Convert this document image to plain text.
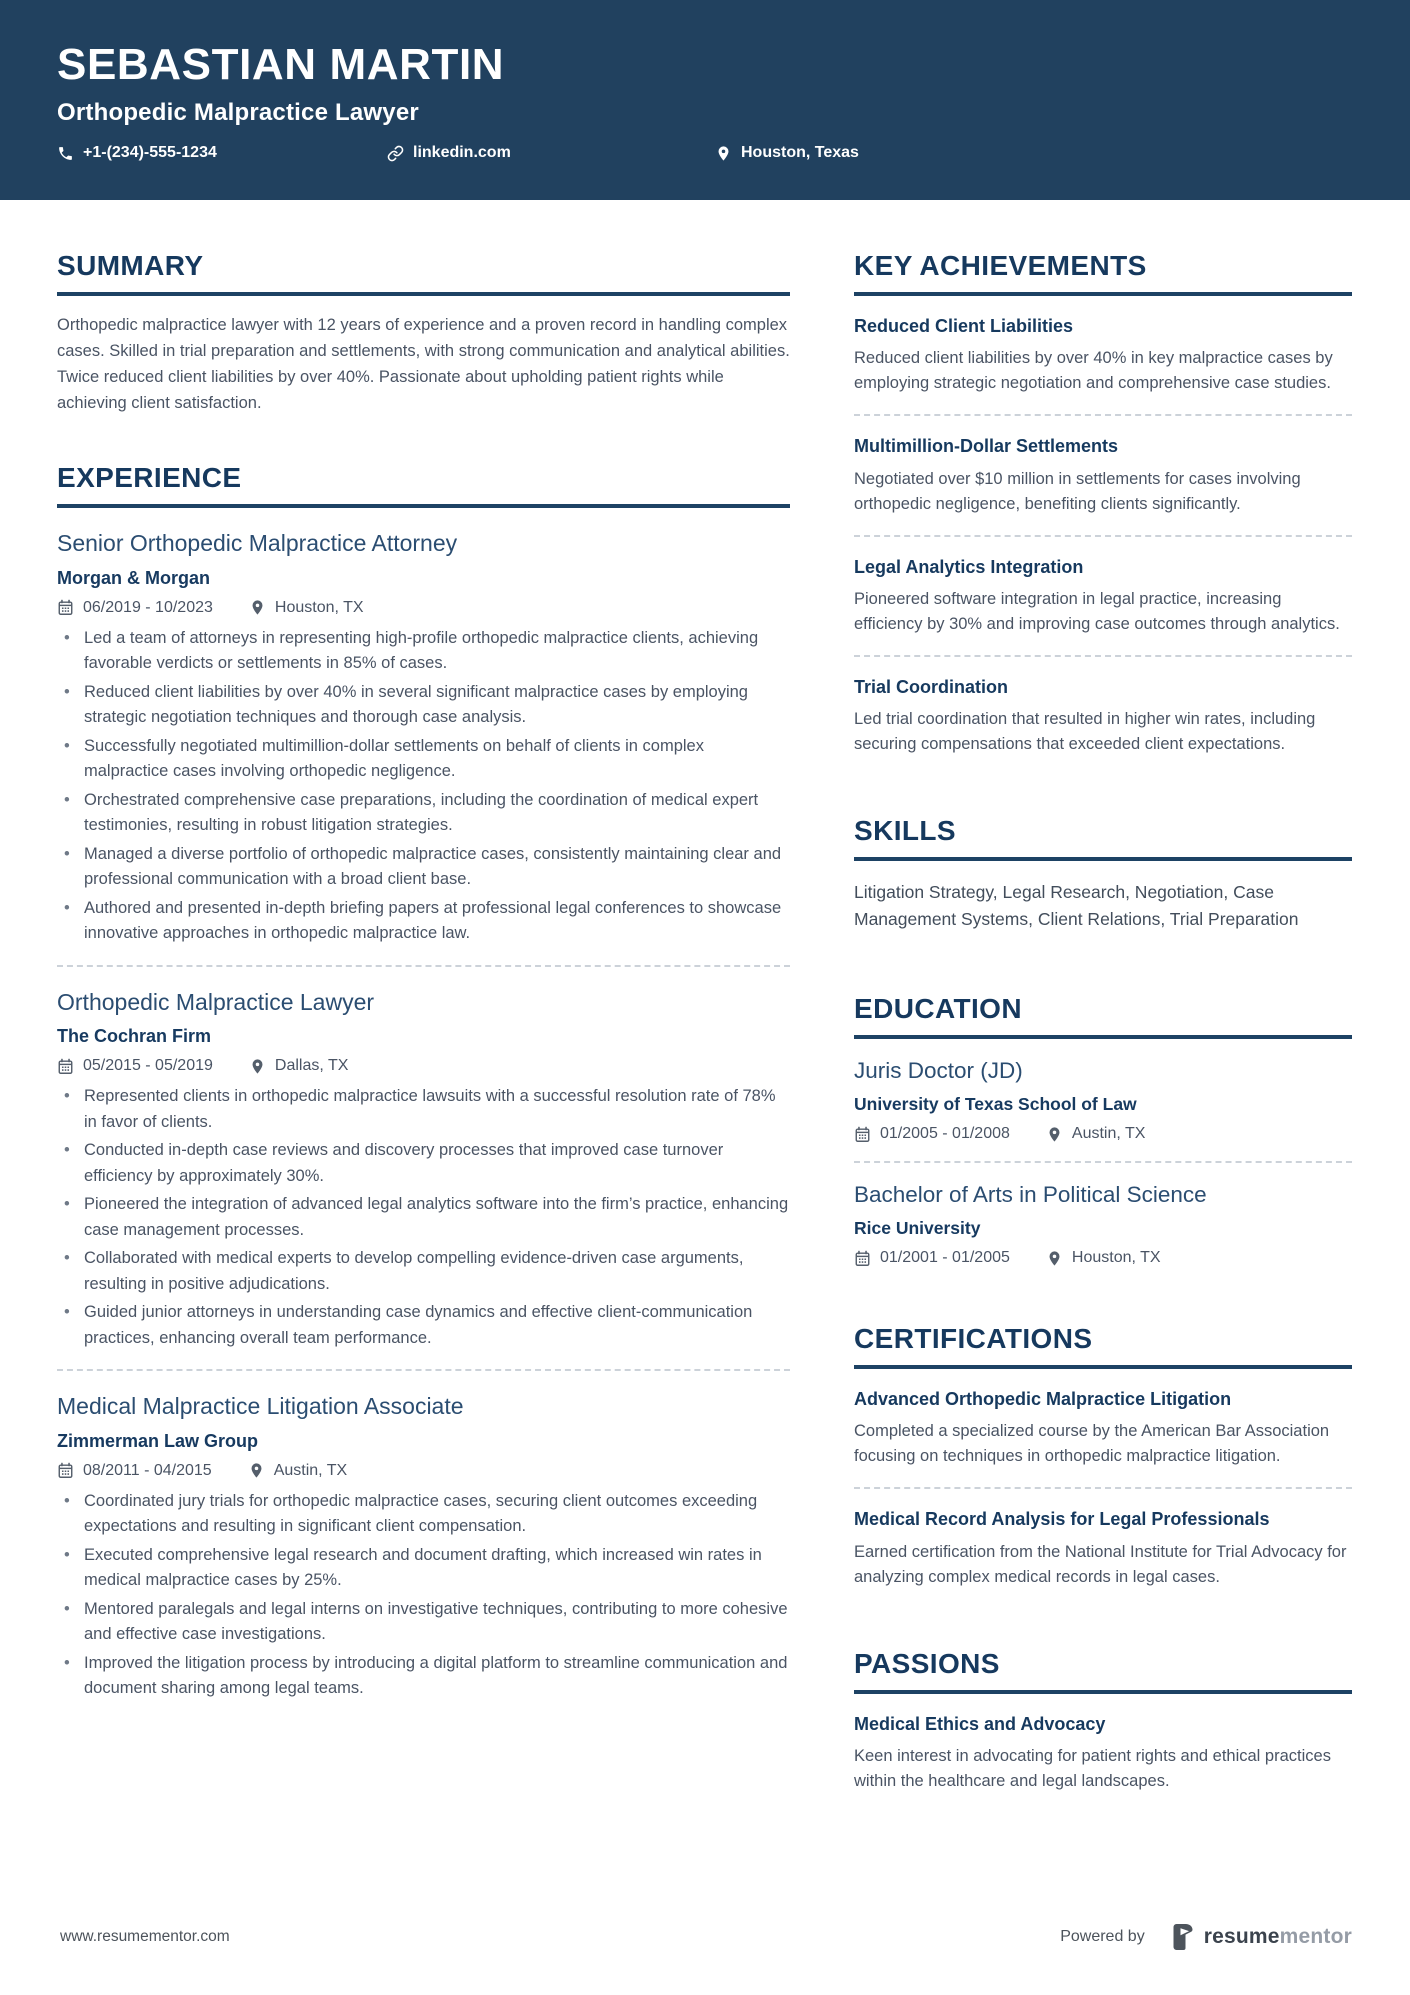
SEBASTIAN MARTIN
Orthopedic Malpractice Lawyer
+1-(234)-555-1234	linkedin.com	Houston, Texas
SUMMARY

Orthopedic malpractice lawyer with 12 years of experience and a proven record in handling complex cases. Skilled in trial preparation and settlements, with strong communication and analytical abilities. Twice reduced client liabilities by over 40%. Passionate about upholding patient rights while achieving client satisfaction.

EXPERIENCE
Senior Orthopedic Malpractice Attorney
Morgan & Morgan
06/2019 - 10/2023	Houston, TX
• Led a team of attorneys in representing high-profile orthopedic malpractice clients, achieving favorable verdicts or settlements in 85% of cases.
• Reduced client liabilities by over 40% in several significant malpractice cases by employing strategic negotiation techniques and thorough case analysis.
• Successfully negotiated multimillion-dollar settlements on behalf of clients in complex malpractice cases involving orthopedic negligence.
• Orchestrated comprehensive case preparations, including the coordination of medical expert testimonies, resulting in robust litigation strategies.
• Managed a diverse portfolio of orthopedic malpractice cases, consistently maintaining clear and professional communication with a broad client base.
• Authored and presented in-depth briefing papers at professional legal conferences to showcase innovative approaches in orthopedic malpractice law.
Orthopedic Malpractice Lawyer
The Cochran Firm
05/2015 - 05/2019	Dallas, TX
• Represented clients in orthopedic malpractice lawsuits with a successful resolution rate of 78% in favor of clients.
• Conducted in-depth case reviews and discovery processes that improved case turnover efficiency by approximately 30%.
• Pioneered the integration of advanced legal analytics software into the firm’s practice, enhancing case management processes.
• Collaborated with medical experts to develop compelling evidence-driven case arguments, resulting in positive adjudications.
• Guided junior attorneys in understanding case dynamics and effective client-communication practices, enhancing overall team performance.
Medical Malpractice Litigation Associate
Zimmerman Law Group
08/2011 - 04/2015	Austin, TX
• Coordinated jury trials for orthopedic malpractice cases, securing client outcomes exceeding expectations and resulting in significant client compensation.
• Executed comprehensive legal research and document drafting, which increased win rates in medical malpractice cases by 25%.
• Mentored paralegals and legal interns on investigative techniques, contributing to more cohesive and effective case investigations.
• Improved the litigation process by introducing a digital platform to streamline communication and document sharing among legal teams.
KEY ACHIEVEMENTS
Reduced Client Liabilities

Reduced client liabilities by over 40% in key malpractice cases by employing strategic negotiation and comprehensive case studies.

Multimillion-Dollar Settlements

Negotiated over $10 million in settlements for cases involving orthopedic negligence, benefiting clients significantly.

Legal Analytics Integration

Pioneered software integration in legal practice, increasing efficiency by 30% and improving case outcomes through analytics.

Trial Coordination

Led trial coordination that resulted in higher win rates, including securing compensations that exceeded client expectations.

SKILLS

Litigation Strategy, Legal Research, Negotiation, Case Management Systems, Client Relations, Trial Preparation

EDUCATION
Juris Doctor (JD)
University of Texas School of Law
01/2005 - 01/2008	Austin, TX
Bachelor of Arts in Political Science
Rice University
01/2001 - 01/2005	Houston, TX
CERTIFICATIONS
Advanced Orthopedic Malpractice Litigation

Completed a specialized course by the American Bar Association focusing on techniques in orthopedic malpractice litigation.

Medical Record Analysis for Legal Professionals

Earned certification from the National Institute for Trial Advocacy for analyzing complex medical records in legal cases.

PASSIONS
Medical Ethics and Advocacy

Keen interest in advocating for patient rights and ethical practices within the healthcare and legal landscapes.

www.resumementor.com	Powered by	resumementor
